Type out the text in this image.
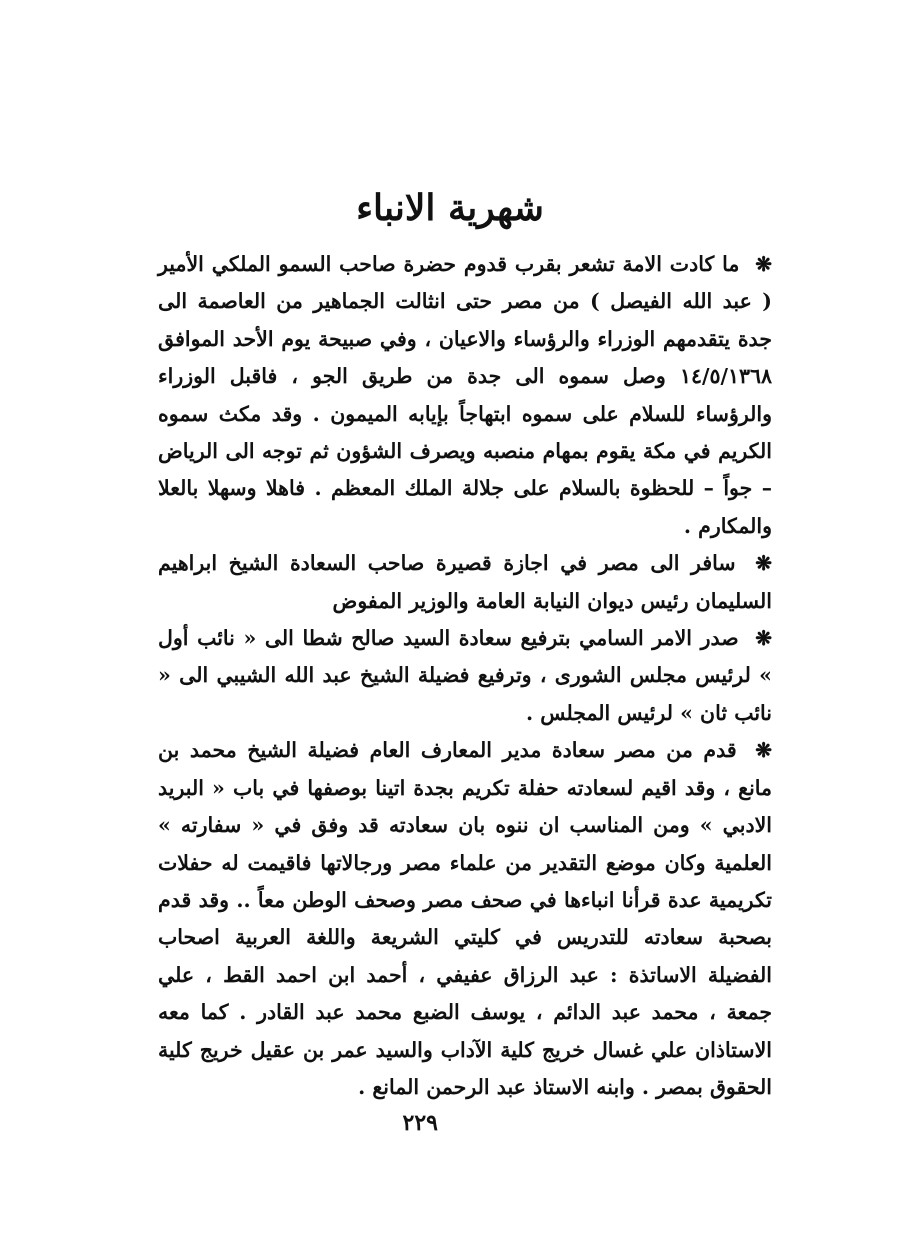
شهرية الانباء

❋ ما كادت الامة تشعر بقرب قدوم حضرة صاحب السمو الملكي الأمير ( عبد الله الفيصل ) من مصر حتى انثالت الجماهير من العاصمة الى جدة يتقدمهم الوزراء والرؤساء والاعيان ، وفي صبيحة يوم الأحد الموافق ١٤/٥/١٣٦٨ وصل سموه الى جدة من طريق الجو ، فاقبل الوزراء والرؤساء للسلام على سموه ابتهاجاً بإيابه الميمون . وقد مكث سموه الكريم في مكة يقوم بمهام منصبه ويصرف الشؤون ثم توجه الى الرياض – جواً – للحظوة بالسلام على جلالة الملك المعظم . فاهلا وسهلا بالعلا والمكارم .

❋ سافر الى مصر في اجازة قصيرة صاحب السعادة الشيخ ابراهيم السليمان رئيس ديوان النيابة العامة والوزير المفوض

❋ صدر الامر السامي بترفيع سعادة السيد صالح شطا الى « نائب أول » لرئيس مجلس الشورى ، وترفيع فضيلة الشيخ عبد الله الشيبي الى « نائب ثان » لرئيس المجلس .

❋ قدم من مصر سعادة مدير المعارف العام فضيلة الشيخ محمد بن مانع ، وقد اقيم لسعادته حفلة تكريم بجدة اتينا بوصفها في باب « البريد الادبي » ومن المناسب ان ننوه بان سعادته قد وفق في « سفارته » العلمية وكان موضع التقدير من علماء مصر ورجالاتها فاقيمت له حفلات تكريمية عدة قرأنا انباءها في صحف مصر وصحف الوطن معاً .. وقد قدم بصحبة سعادته للتدريس في كليتي الشريعة واللغة العربية اصحاب الفضيلة الاساتذة : عبد الرزاق عفيفي ، أحمد ابن احمد القط ، علي جمعة ، محمد عبد الدائم ، يوسف الضبع محمد عبد القادر . كما معه الاستاذان علي غسال خريج كلية الآداب والسيد عمر بن عقيل خريج كلية الحقوق بمصر . وابنه الاستاذ عبد الرحمن المانع .

٢٢٩
